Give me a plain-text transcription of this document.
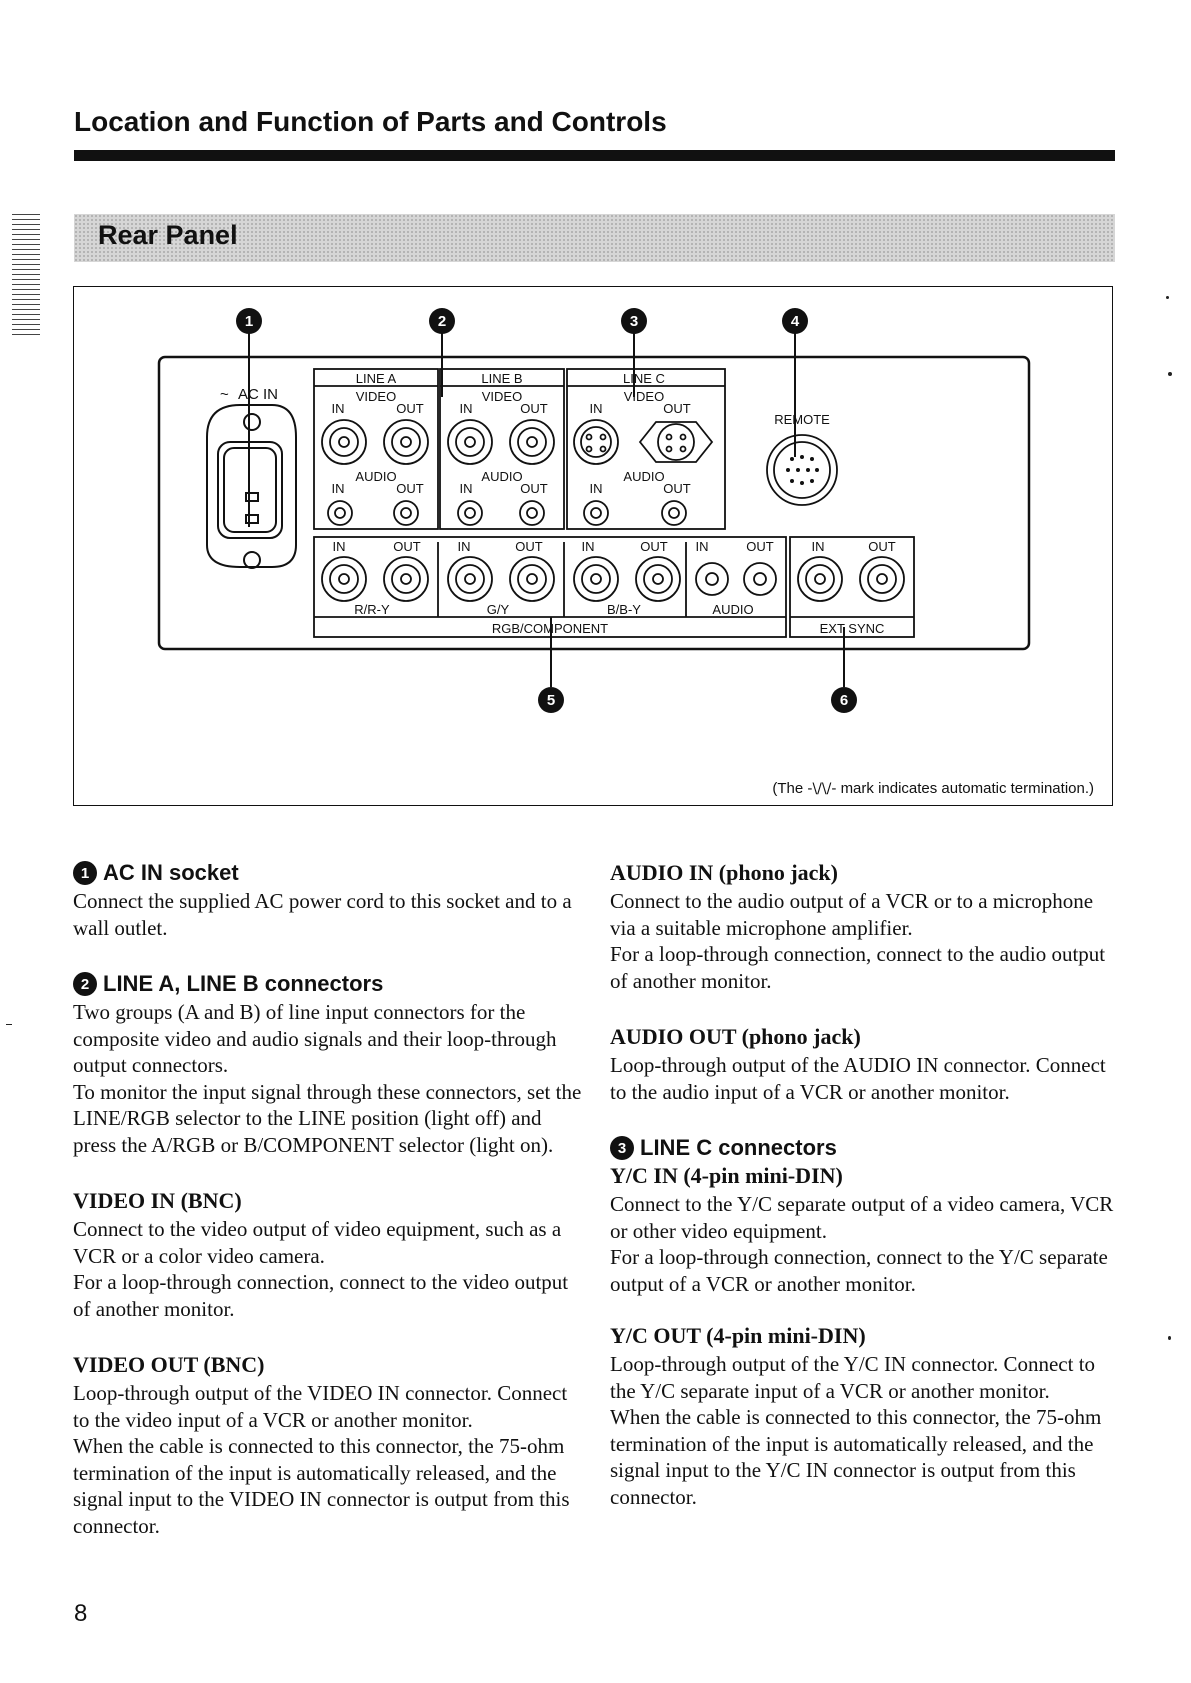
Location and Function of Parts and Controls
Rear Panel
~ AC IN
LINE A
VIDEO
IN	OUT
AUDIO
IN	OUT
LINE B
VIDEO
IN	OUT
AUDIO
IN	OUT
LINE C
VIDEO
IN	OUT
AUDIO
IN	OUT
REMOTE
IN	OUT	IN	OUT	IN	OUT IN	OUT
R/R-Y	G/Y	B/B-Y	AUDIO
RGB/COMPONENT
IN	OUT
EXT SYNC
1	2	3	4
5	6
(The -\/\/- mark indicates automatic termination.)
1 AC IN socket

Connect the supplied AC power cord to this socket and to a wall outlet.

2 LINE A, LINE B connectors

Two groups (A and B) of line input connectors for the composite video and audio signals and their loop-through output connectors.

To monitor the input signal through these connectors, set the LINE/RGB selector to the LINE position (light off) and press the A/RGB or B/COMPONENT selector (light on).

VIDEO IN (BNC)

Connect to the video output of video equipment, such as a VCR or a color video camera.

For a loop-through connection, connect to the video output of another monitor.

VIDEO OUT (BNC)

Loop-through output of the VIDEO IN connector. Connect to the video input of a VCR or another monitor.

When the cable is connected to this connector, the 75-ohm termination of the input is automatically released, and the signal input to the VIDEO IN connector is output from this connector.

AUDIO IN (phono jack)

Connect to the audio output of a VCR or to a microphone via a suitable microphone amplifier.

For a loop-through connection, connect to the audio output of another monitor.

AUDIO OUT (phono jack)

Loop-through output of the AUDIO IN connector. Connect to the audio input of a VCR or another monitor.

3 LINE C connectors
Y/C IN (4-pin mini-DIN)

Connect to the Y/C separate output of a video camera, VCR or other video equipment.

For a loop-through connection, connect to the Y/C separate output of a VCR or another monitor.

Y/C OUT (4-pin mini-DIN)

Loop-through output of the Y/C IN connector. Connect to the Y/C separate input of a VCR or another monitor.

When the cable is connected to this connector, the 75-ohm termination of the input is automatically released, and the signal input to the Y/C IN connector is output from this connector.

8
